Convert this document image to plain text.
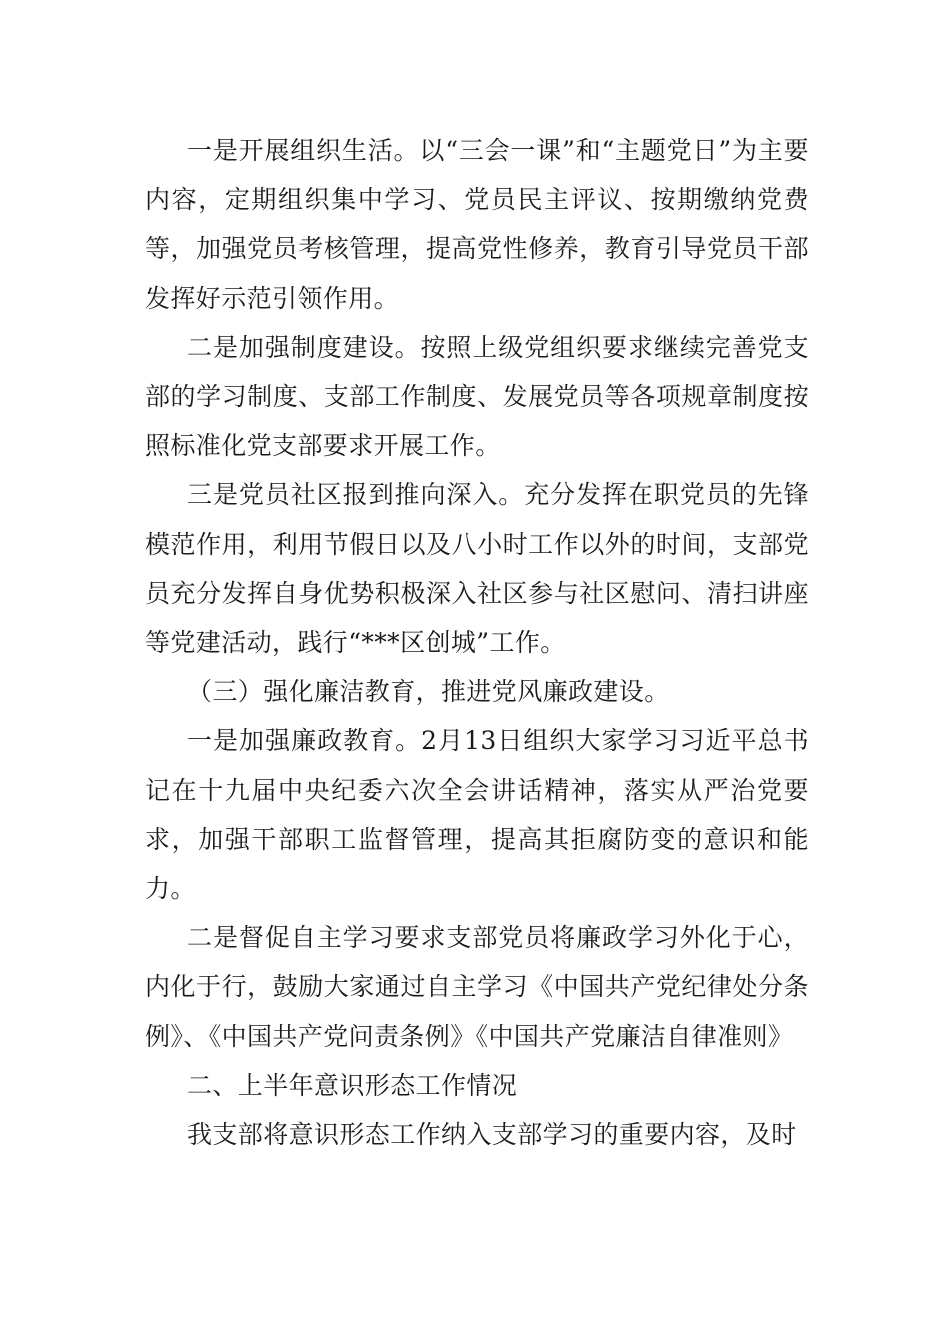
一是开展组织生活。以“三会一课”和“主题党日”为主要内容，定期组织集中学习、党员民主评议、按期缴纳党费等，加强党员考核管理，提高党性修养，教育引导党员干部发挥好示范引领作用。

二是加强制度建设。按照上级党组织要求继续完善党支部的学习制度、支部工作制度、发展党员等各项规章制度按照标准化党支部要求开展工作。

三是党员社区报到推向深入。充分发挥在职党员的先锋模范作用，利用节假日以及八小时工作以外的时间，支部党员充分发挥自身优势积极深入社区参与社区慰问、清扫讲座等党建活动，践行“***区创城”工作。

（三）强化廉洁教育，推进党风廉政建设。

一是加强廉政教育。2月13日组织大家学习习近平总书记在十九届中央纪委六次全会讲话精神，落实从严治党要求，加强干部职工监督管理，提高其拒腐防变的意识和能力。

二是督促自主学习要求支部党员将廉政学习外化于心，内化于行，鼓励大家通过自主学习《中国共产党纪律处分条例》、《中国共产党问责条例》《中国共产党廉洁自律准则》

二、上半年意识形态工作情况

我支部将意识形态工作纳入支部学习的重要内容，及时
